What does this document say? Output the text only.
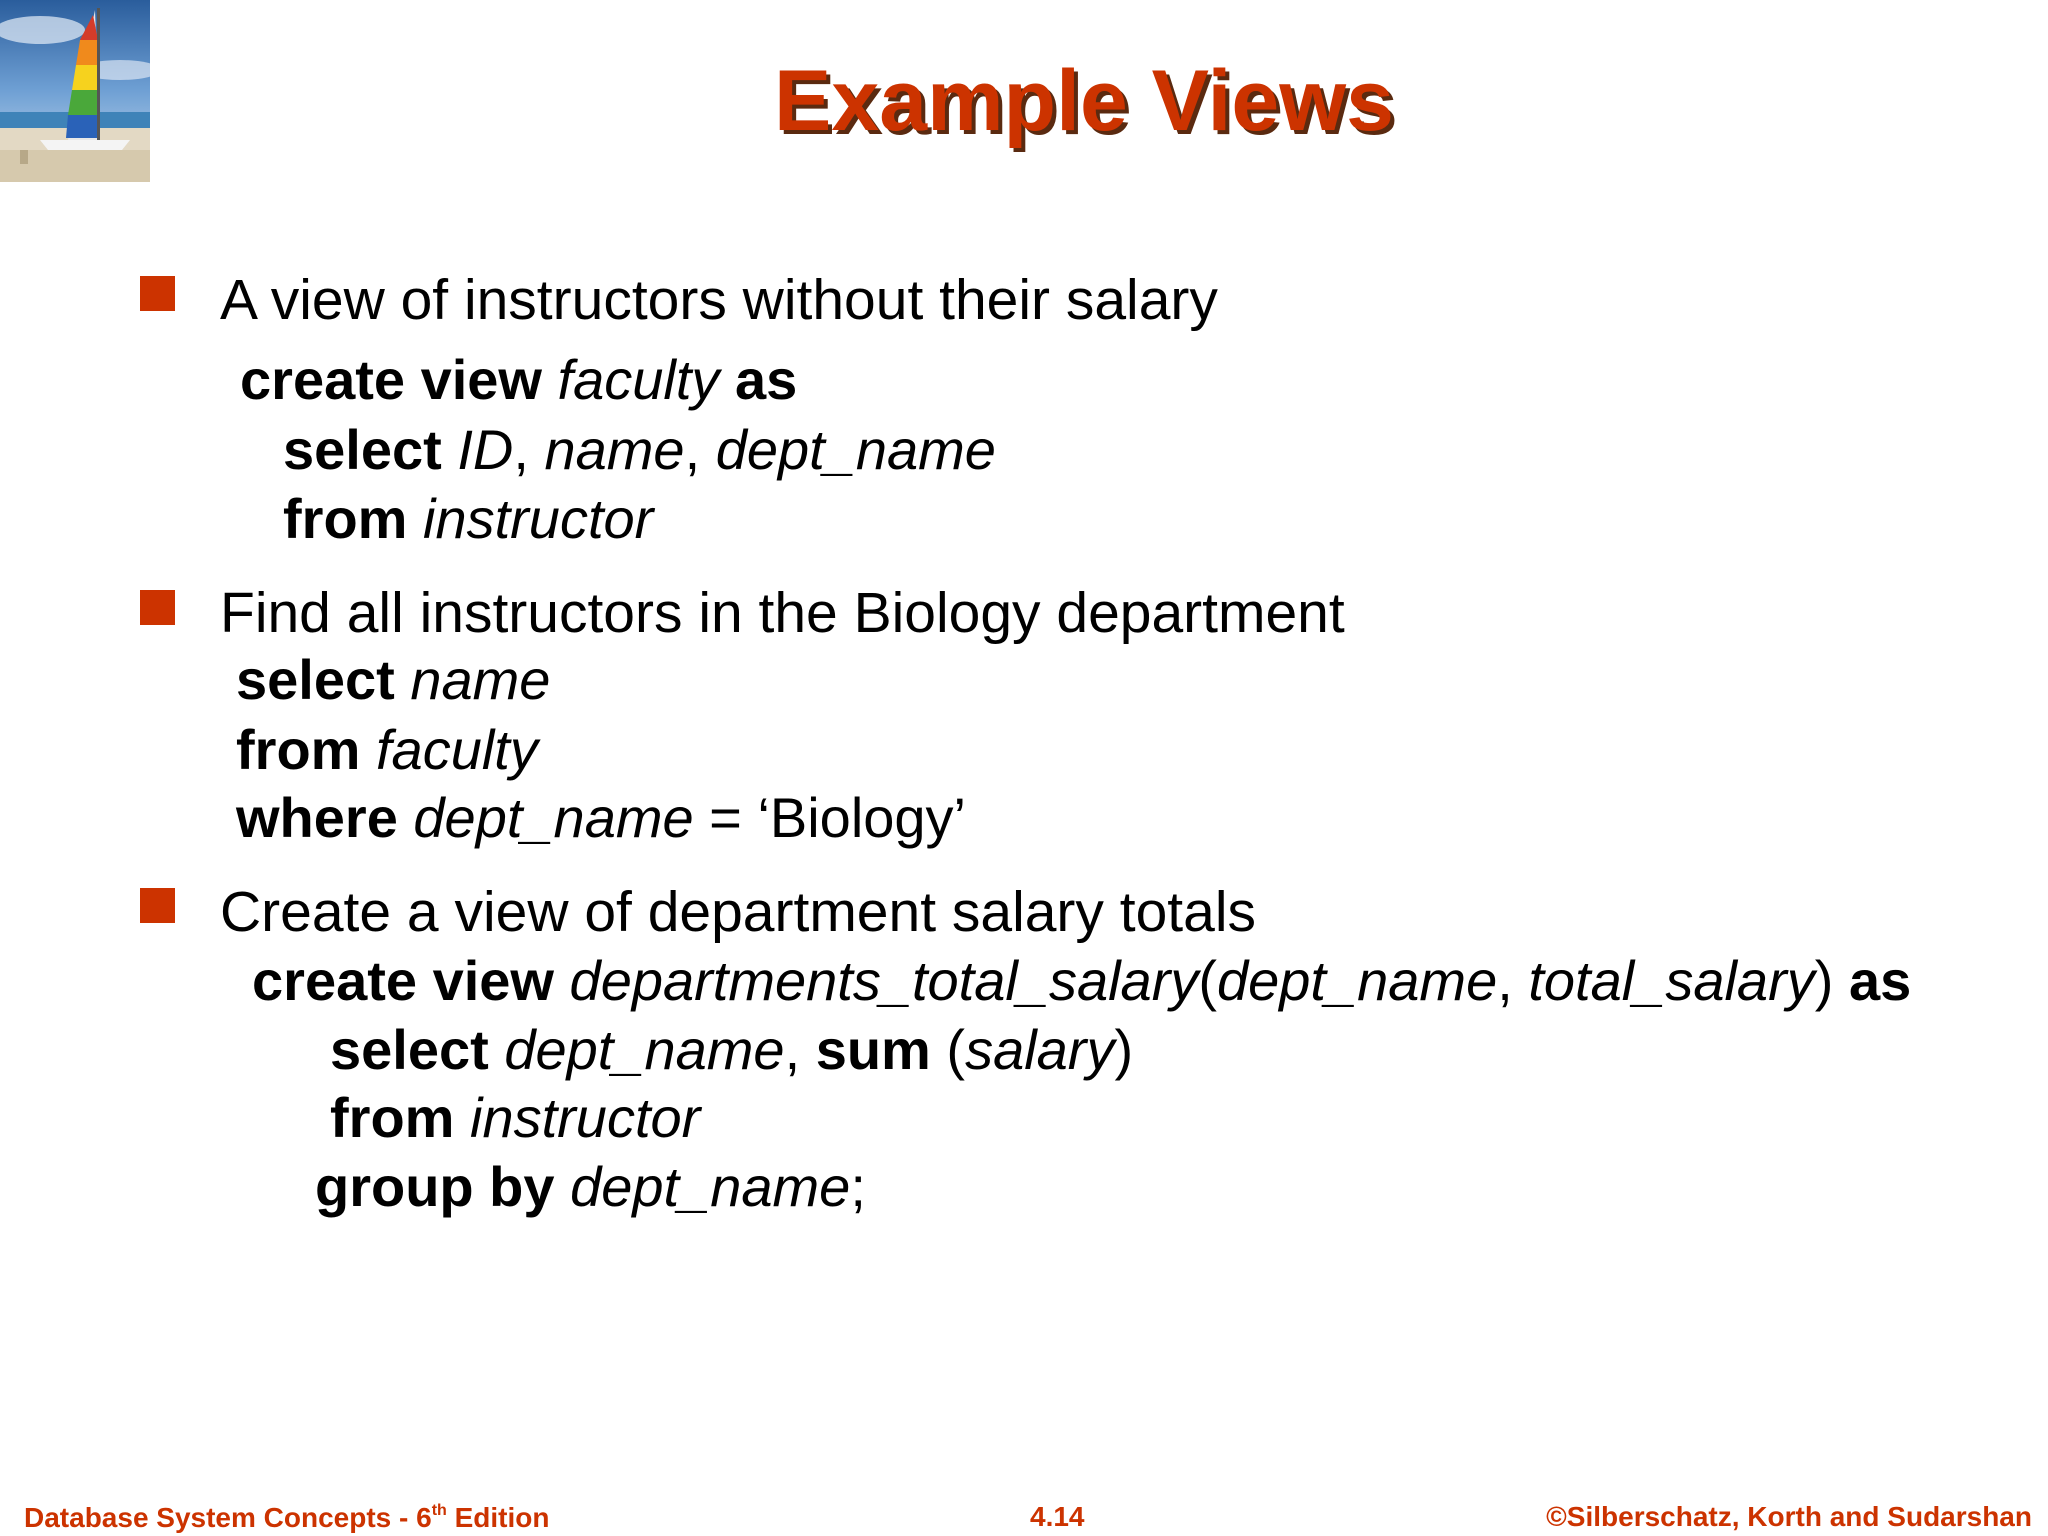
Example Views
A view of instructors without their salary
create view faculty as
select ID, name, dept_name
from instructor
Find all instructors in the Biology department
select name
from faculty
where dept_name = ‘Biology’
Create a view of department salary totals
create view departments_total_salary(dept_name, total_salary) as
select dept_name, sum (salary)
from instructor
group by dept_name;
Database System Concepts - 6th Edition	4.14	©Silberschatz, Korth and Sudarshan
